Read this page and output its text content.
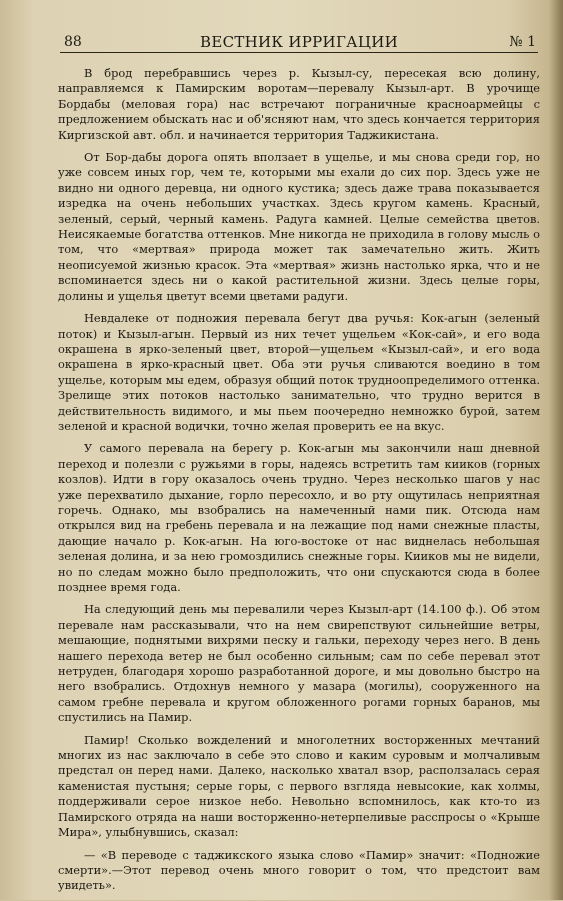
88	ВЕСТНИК ИРРИГАЦИИ	№ 1

В брод перебравшись через р. Кызыл-су, пересекая всю долину, направляемся к Памирским воротам—перевалу Кызыл-арт. В урочище Бордабы (меловая гора) нас встречают пограничные красноармейцы с предложением обыскать нас и об'ясняют нам, что здесь кончается территория Киргизской авт. обл. и начинается территория Таджикистана.

От Бор-дабы дорога опять вползает в ущелье, и мы снова среди гор, но уже совсем иных гор, чем те, которыми мы ехали до сих пор. Здесь уже не видно ни одного деревца, ни одного кустика; здесь даже трава показывается изредка на очень небольших участках. Здесь кругом камень. Красный, зеленый, серый, черный камень. Радуга камней. Целые семейства цветов. Неисякаемые богатства оттенков. Мне никогда не приходила в голову мысль о том, что «мертвая» природа может так замечательно жить. Жить неописуемой жизнью красок. Эта «мертвая» жизнь настолько ярка, что и не вспоминается здесь ни о какой растительной жизни. Здесь целые горы, долины и ущелья цветут всеми цветами радуги.

Невдалеке от подножия перевала бегут два ручья: Кок-агын (зеленый поток) и Кызыл-агын. Первый из них течет ущельем «Кок-сай», и его вода окрашена в ярко-зеленый цвет, второй—ущельем «Кызыл-сай», и его вода окрашена в ярко-красный цвет. Оба эти ручья сливаются воедино в том ущелье, которым мы едем, образуя общий поток трудноопределимого оттенка. Зрелище этих потоков настолько занимательно, что трудно верится в действительность видимого, и мы пьем поочередно немножко бурой, затем зеленой и красной водички, точно желая проверить ее на вкус.

У самого перевала на берегу р. Кок-агын мы закончили наш дневной переход и полезли с ружьями в горы, надеясь встретить там кииков (горных козлов). Идти в гору оказалось очень трудно. Через несколько шагов у нас уже перехватило дыхание, горло пересохло, и во рту ощутилась неприятная горечь. Однако, мы взобрались на намеченный нами пик. Отсюда нам открылся вид на гребень перевала и на лежащие под нами снежные пласты, дающие начало р. Кок-агын. На юго-востоке от нас виднелась небольшая зеленая долина, и за нею громоздились снежные горы. Кииков мы не видели, но по следам можно было предположить, что они спускаются сюда в более позднее время года.

На следующий день мы перевалили через Кызыл-арт (14.100 ф.). Об этом перевале нам рассказывали, что на нем свирепствуют сильнейшие ветры, мешающие, поднятыми вихрями песку и гальки, переходу через него. В день нашего перехода ветер не был особенно сильным; сам по себе перевал этот нетруден, благодаря хорошо разработанной дороге, и мы довольно быстро на него взобрались. Отдохнув немного у мазара (могилы), сооруженного на самом гребне перевала и кругом обложенного рогами горных баранов, мы спустились на Памир.

Памир! Сколько вожделений и многолетних восторженных мечтаний многих из нас заключало в себе это слово и каким суровым и молчаливым предстал он перед нами. Далеко, насколько хватал взор, расползалась серая каменистая пустыня; серые горы, с первого взгляда невысокие, как холмы, поддерживали серое низкое небо. Невольно вспомнилось, как кто-то из Памирского отряда на наши восторженно-нетерпеливые расспросы о «Крыше Мира», улыбнувшись, сказал:

— «В переводе с таджикского языка слово «Памир» значит: «Подножие смерти».—Этот перевод очень много говорит о том, что предстоит вам увидеть».
